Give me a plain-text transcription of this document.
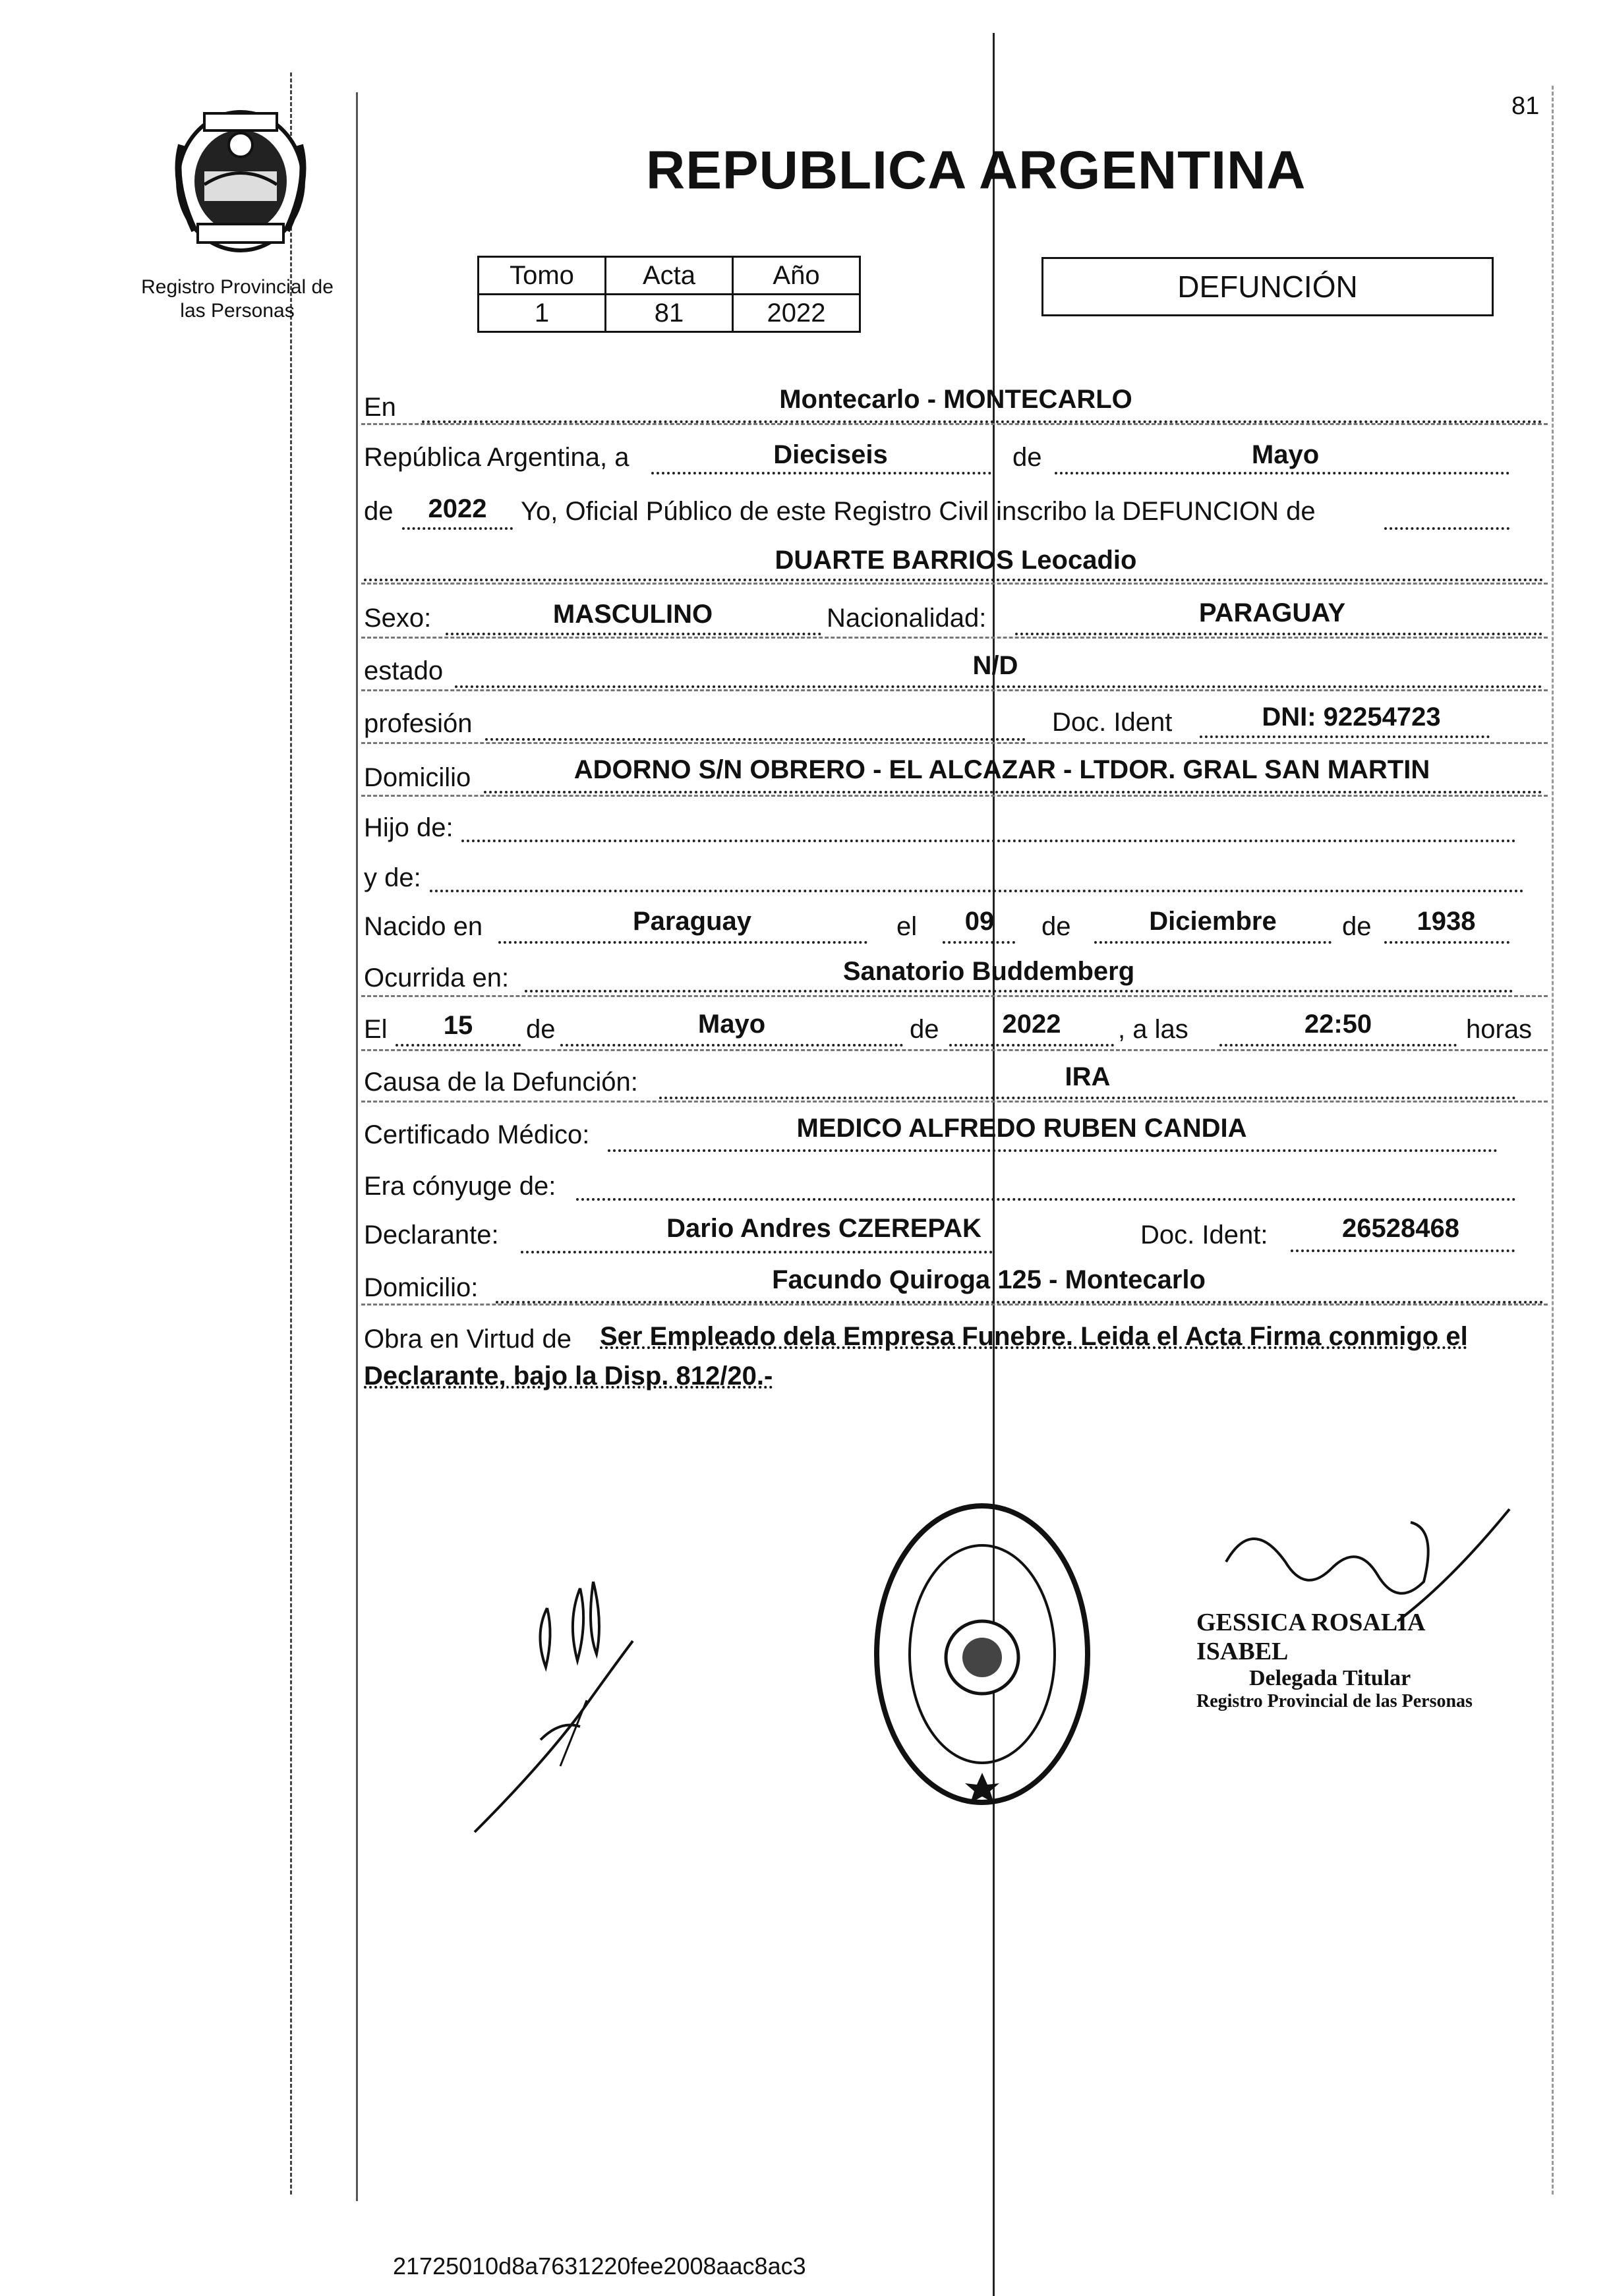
81
Registro Provincial de
las Personas
REPUBLICA ARGENTINA
Tomo	Acta	Año
1	81	2022
DEFUNCIÓN
En	Montecarlo - MONTECARLO
República Argentina, a	Dieciseis	de	Mayo
de	2022	Yo, Oficial Público de este Registro Civil inscribo la DEFUNCION de
DUARTE BARRIOS Leocadio
Sexo:	MASCULINO	Nacionalidad:	PARAGUAY
estado	N/D
profesión	Doc. Ident	DNI: 92254723
Domicilio	ADORNO S/N OBRERO - EL ALCAZAR - LTDOR. GRAL SAN MARTIN
Hijo de:
y de:
Nacido en	Paraguay	el	09	de	Diciembre	de	1938
Ocurrida en:	Sanatorio Buddemberg
El	15	de	Mayo	de	2022	, a las	22:50	horas
Causa de la Defunción:	IRA
Certificado Médico:	MEDICO ALFREDO RUBEN CANDIA
Era cónyuge de:
Declarante:	Dario Andres CZEREPAK	Doc. Ident:	26528468
Domicilio:	Facundo Quiroga 125 - Montecarlo
Obra en Virtud de Ser Empleado dela Empresa Funebre. Leida el Acta Firma conmigo el
Declarante, bajo la Disp. 812/20.-
GESSICA ROSALIA ISABEL
Delegada Titular
Registro Provincial de las Personas
21725010d8a7631220fee2008aac8ac3
